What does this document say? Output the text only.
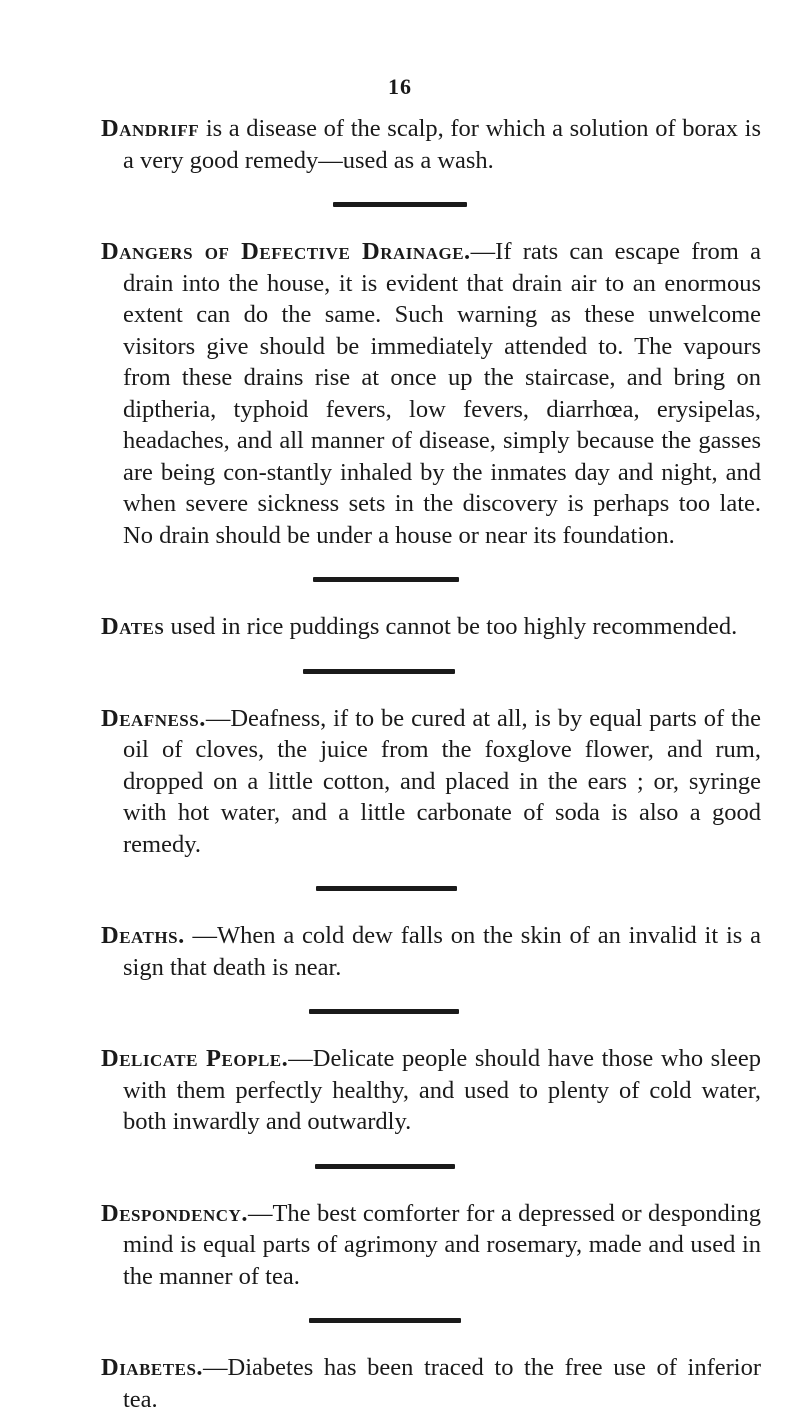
16

Dandriff is a disease of the scalp, for which a solution of borax is a very good remedy—used as a wash.

Dangers of Defective Drainage.—If rats can escape from a drain into the house, it is evident that drain air to an enormous extent can do the same. Such warning as these unwelcome visitors give should be immediately attended to. The vapours from these drains rise at once up the staircase, and bring on diptheria, typhoid fevers, low fevers, diarrhœa, erysipelas, headaches, and all manner of disease, simply because the gasses are being con-stantly inhaled by the inmates day and night, and when severe sickness sets in the discovery is perhaps too late. No drain should be under a house or near its foundation.

Dates used in rice puddings cannot be too highly recommended.

Deafness.—Deafness, if to be cured at all, is by equal parts of the oil of cloves, the juice from the foxglove flower, and rum, dropped on a little cotton, and placed in the ears ; or, syringe with hot water, and a little carbonate of soda is also a good remedy.

Deaths. —When a cold dew falls on the skin of an invalid it is a sign that death is near.

Delicate People.—Delicate people should have those who sleep with them perfectly healthy, and used to plenty of cold water, both inwardly and outwardly.

Despondency.—The best comforter for a depressed or desponding mind is equal parts of agrimony and rosemary, made and used in the manner of tea.

Diabetes.—Diabetes has been traced to the free use of inferior tea.
